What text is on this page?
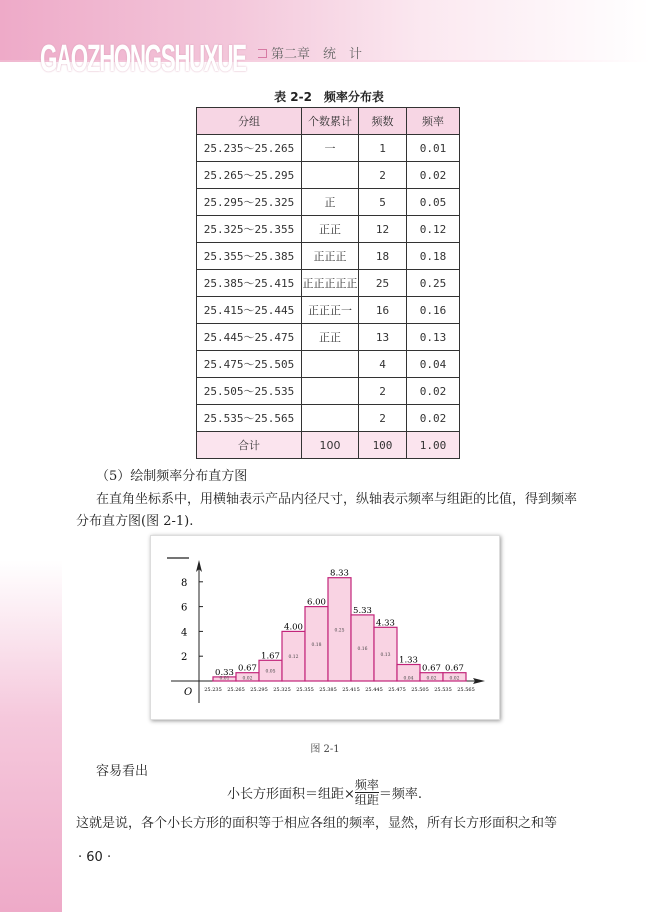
GAOZHONGSHUXUE	第二章　统　计
表 2-2　频率分布表
分组	个数累计	频数	频率
25.235～25.265	一	1	0.01
25.265～25.295		2	0.02
25.295～25.325	正	5	0.05
25.325～25.355	正正	12	0.12
25.355～25.385	正正正	18	0.18
25.385～25.415	正正正正正	25	0.25
25.415～25.445	正正正一	16	0.16
25.445～25.475	正正	13	0.13
25.475～25.505		4	0.04
25.505～25.535		2	0.02
25.535～25.565		2	0.02
合计	100	100	1.00
（5）绘制频率分布直方图
在直角坐标系中，用横轴表示产品内径尺寸，纵轴表示频率与组距的比值，得到频率
分布直方图(图 2-1).
O
2
4
6
8
0.33
0.01
0.67
0.02
1.67
0.05
4.00
0.12
6.00
0.18
8.33
0.25
5.33
0.16
4.33
0.13 1.33
0.04
0.67
0.02
0.67
0.02
25.235 25.265 25.295 25.325 25.355 25.385 25.415 25.445 25.475 25.505 25.535 25.565
图 2-1
容易看出
小长方形面积＝组距× $\frac{\text{频率}}{\text{组距}}$ ＝频率.
这就是说，各个小长方形的面积等于相应各组的频率，显然，所有长方形面积之和等
· 60 ·
